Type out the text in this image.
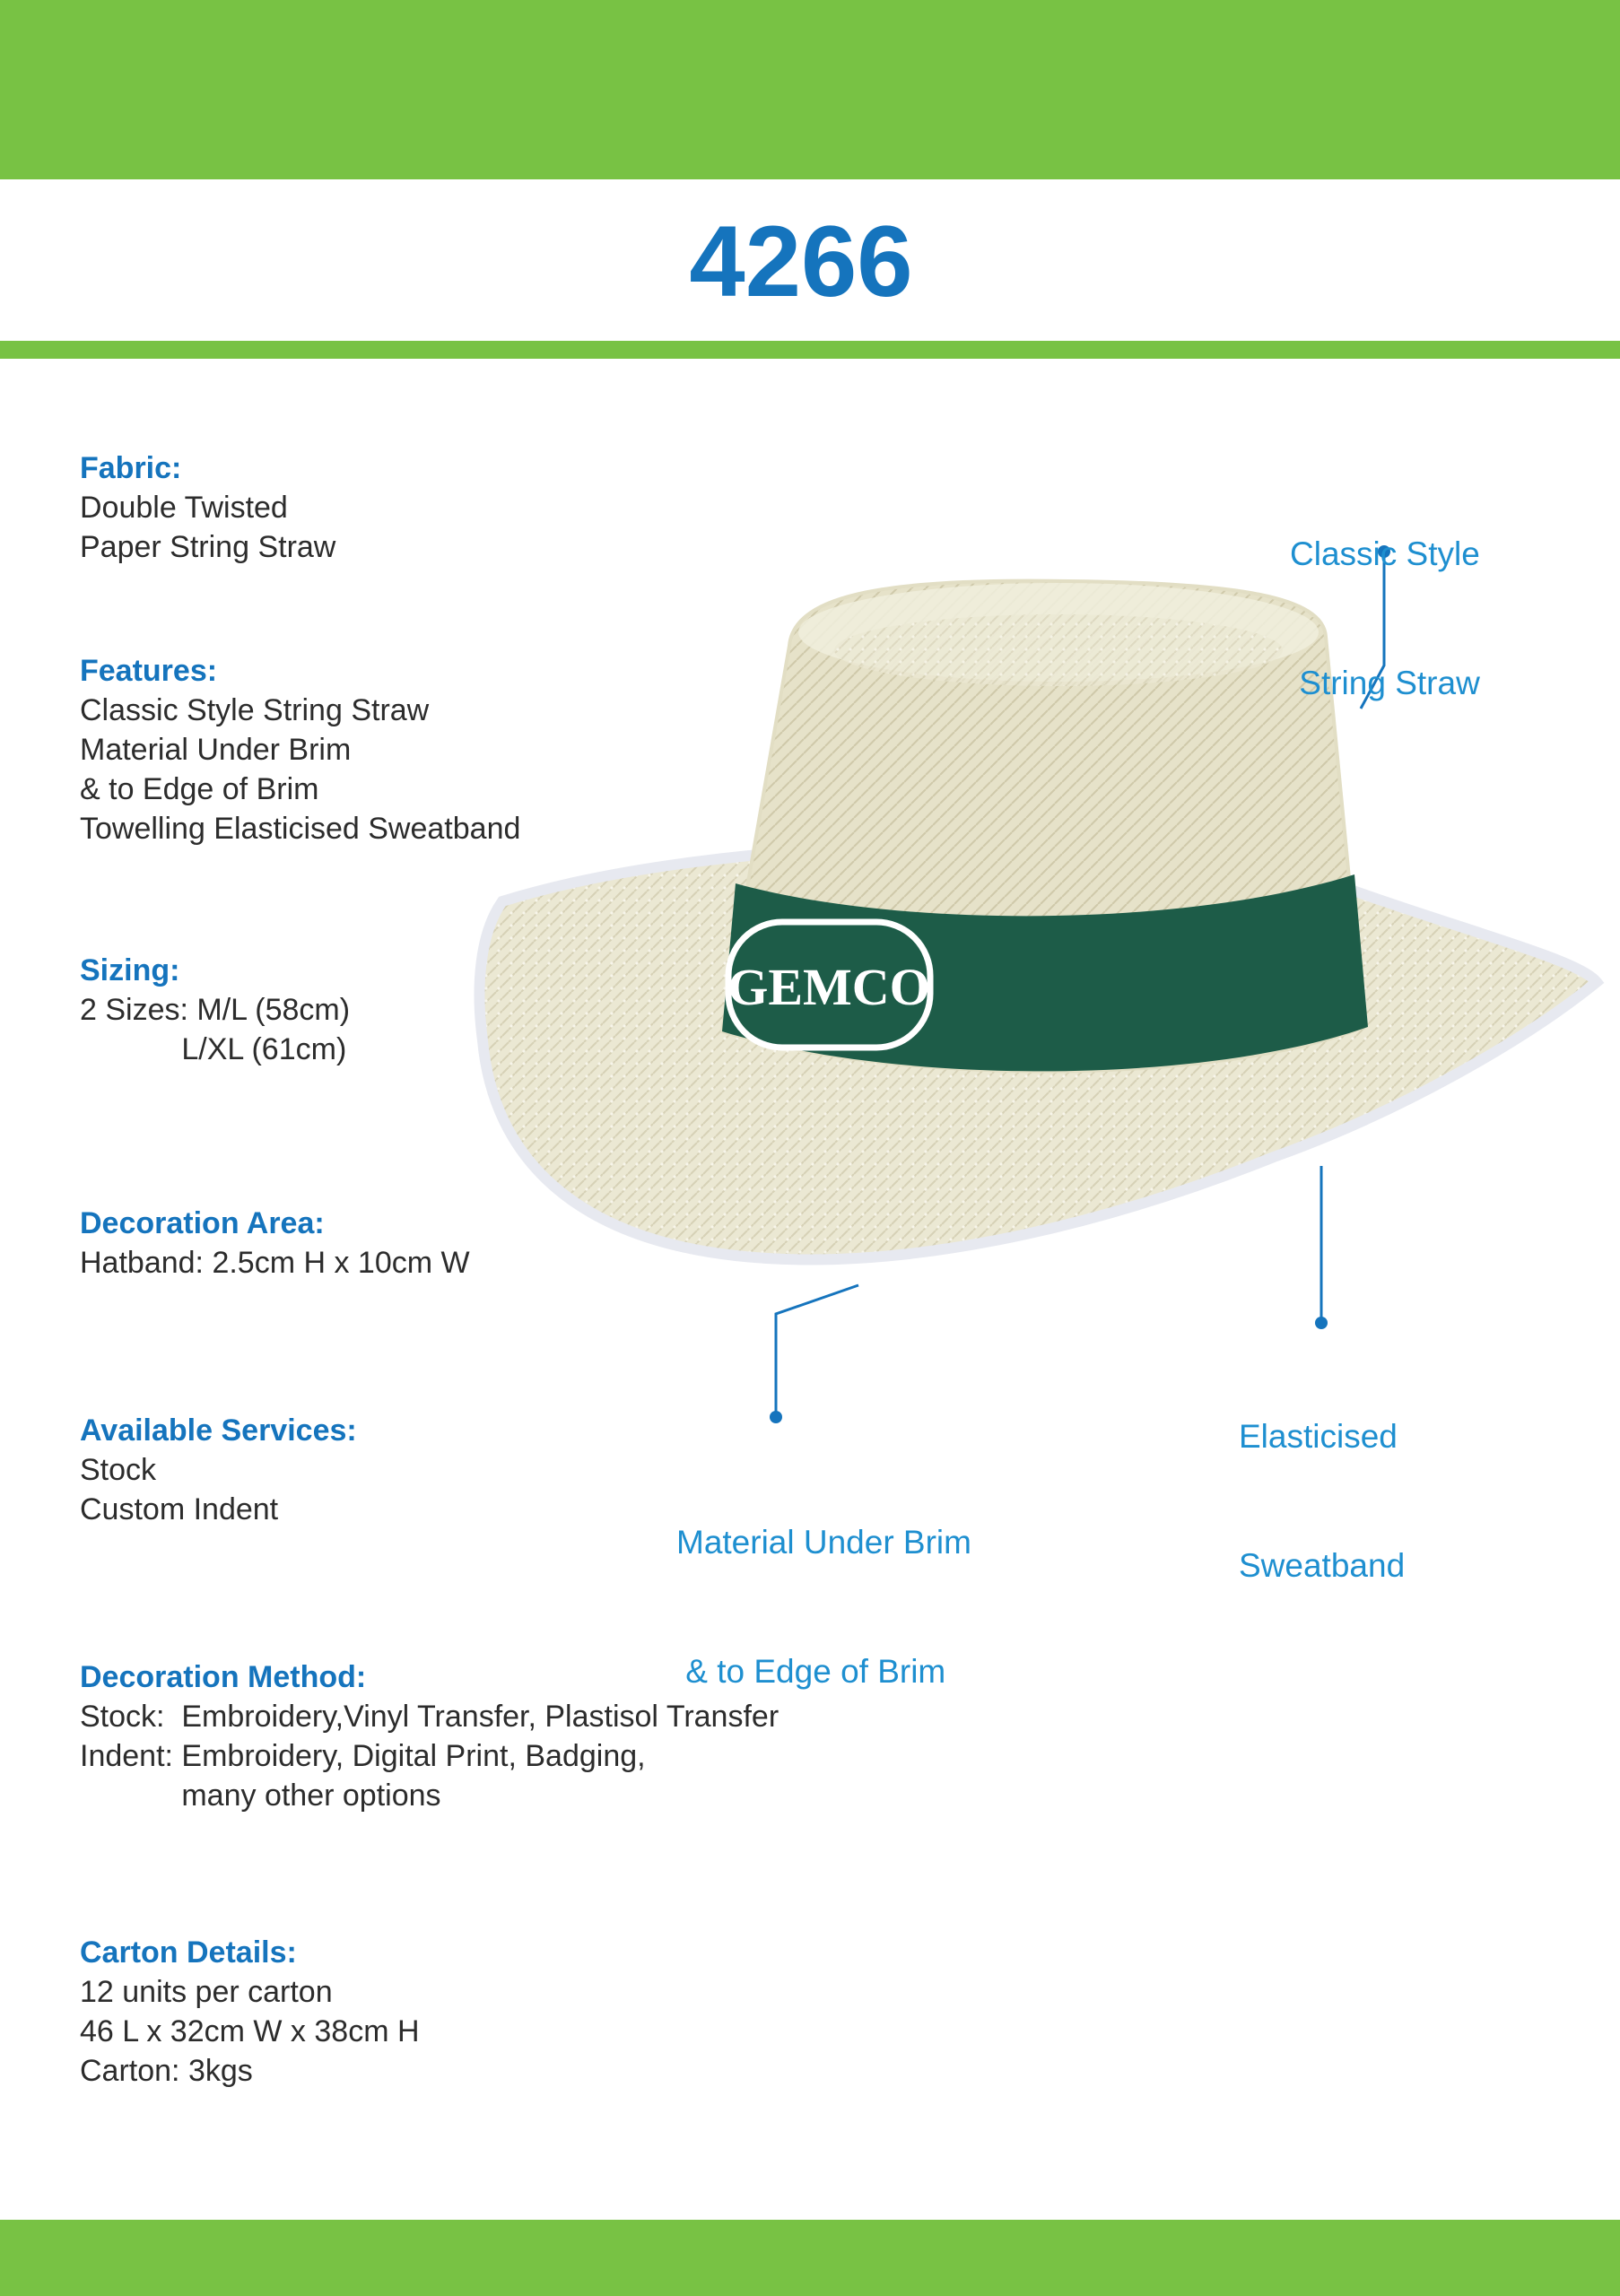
4266
GEMCO
Fabric:
Double Twisted
Paper String Straw
Features:
Classic Style String Straw
Material Under Brim
& to Edge of Brim
Towelling Elasticised Sweatband
Sizing:
2 Sizes: M/L (58cm)
L/XL (61cm)
Decoration Area:
Hatband: 2.5cm H x 10cm W
Available Services:
Stock
Custom Indent
Decoration Method:
Stock:  Embroidery,Vinyl Transfer, Plastisol Transfer
Indent: Embroidery, Digital Print, Badging,
many other options
Carton Details:
12 units per carton
46 L x 32cm W x 38cm H
Carton: 3kgs

Classic Style

String Straw

Elasticised

Sweatband

Material Under Brim

& to Edge of Brim
